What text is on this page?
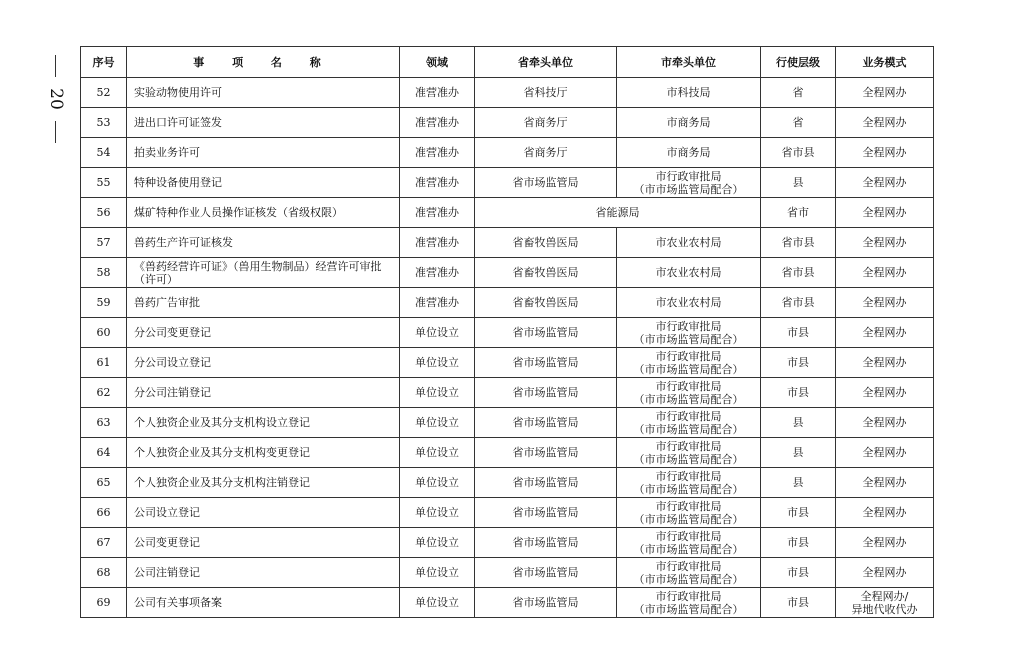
20
序号	事 项 名 称	领域	省牵头单位	市牵头单位	行使层级	业务模式
52	实验动物使用许可	准营准办	省科技厅	市科技局	省	全程网办

53	进出口许可证签发	准营准办	省商务厅	市商务局	省	全程网办

54	拍卖业务许可	准营准办	省商务厅	市商务局	省市县	全程网办

55	特种设备使用登记	准营准办	省市场监管局	市行政审批局
（市市场监管局配合）	县	全程网办

56	煤矿特种作业人员操作证核发（省级权限）	准营准办	省能源局		省市	全程网办

57	兽药生产许可证核发	准营准办	省畜牧兽医局	市农业农村局	省市县	全程网办

58	《兽药经营许可证》（兽用生物制品）经营许可审批（许可）	准营准办	省畜牧兽医局	市农业农村局	省市县	全程网办

59	兽药广告审批	准营准办	省畜牧兽医局	市农业农村局	省市县	全程网办

60	分公司变更登记	单位设立	省市场监管局	市行政审批局
（市市场监管局配合）	市县	全程网办

61	分公司设立登记	单位设立	省市场监管局	市行政审批局
（市市场监管局配合）	市县	全程网办

62	分公司注销登记	单位设立	省市场监管局	市行政审批局
（市市场监管局配合）	市县	全程网办

63	个人独资企业及其分支机构设立登记	单位设立	省市场监管局	市行政审批局
（市市场监管局配合）	县	全程网办

64	个人独资企业及其分支机构变更登记	单位设立	省市场监管局	市行政审批局
（市市场监管局配合）	县	全程网办

65	个人独资企业及其分支机构注销登记	单位设立	省市场监管局	市行政审批局
（市市场监管局配合）	县	全程网办

66	公司设立登记	单位设立	省市场监管局	市行政审批局
（市市场监管局配合）	市县	全程网办

67	公司变更登记	单位设立	省市场监管局	市行政审批局
（市市场监管局配合）	市县	全程网办

68	公司注销登记	单位设立	省市场监管局	市行政审批局
（市市场监管局配合）	市县	全程网办

69	公司有关事项备案	单位设立	省市场监管局	市行政审批局
（市市场监管局配合）	市县	全程网办/
异地代收代办
